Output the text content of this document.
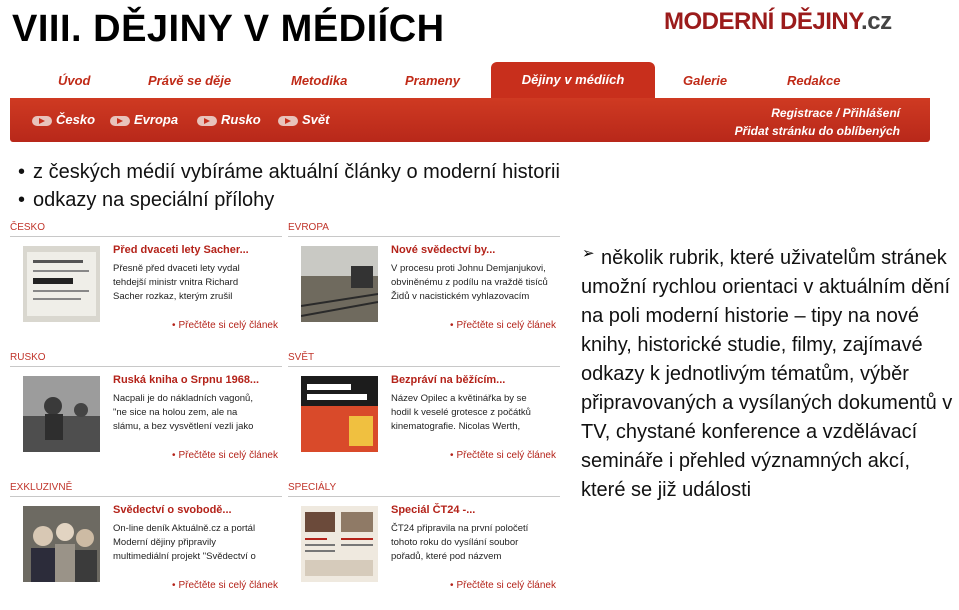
VIII. DĚJINY V MÉDIÍCH	MODERNÍ DĚJINY.cz
Úvod	Právě se děje	Metodika	Prameny	Dějiny v médiích	Galerie	Redakce
Česko	Evropa	Rusko	Svět	Registrace / Přihlášení
Přidat stránku do oblíbených
• z českých médií vybíráme aktuální články o moderní historii
• odkazy na speciální přílohy
ČESKO
Před dvaceti lety Sacher...
Přesně před dvaceti lety vydal
tehdejší ministr vnitra Richard
Sacher rozkaz, kterým zrušil
• Přečtěte si celý článek
EVROPA
Nové svědectví by...
V procesu proti Johnu Demjanjukovi,
obviněnému z podílu na vraždě tisíců
Židů v nacistickém vyhlazovacím
• Přečtěte si celý článek
RUSKO
Ruská kniha o Srpnu 1968...
Nacpali je do nákladních vagonů,
"ne sice na holou zem, ale na
slámu, a bez vysvětlení vezli jako
• Přečtěte si celý článek
SVĚT
Bezpráví na běžícím...
Název Opilec a květinářka by se
hodil k veselé grotesce z počátků
kinematografie. Nicolas Werth,
• Přečtěte si celý článek
EXKLUZIVNĚ
Svědectví o svobodě...
On-line deník Aktuálně.cz a portál
Moderní dějiny připravily
multimediální projekt "Svědectví o
• Přečtěte si celý článek
SPECIÁLY
Speciál ČT24 -...
ČT24 připravila na první poločetí
tohoto roku do vysílání soubor
pořadů, které pod názvem
• Přečtěte si celý článek
➢ několik rubrik, které uživatelům stránek umožní rychlou orientaci v aktuálním dění na poli moderní historie – tipy na nové knihy, historické studie, filmy, zajímavé odkazy k jednotlivým tématům, výběr připravovaných a vysílaných dokumentů v TV, chystané konference a vzdělávací semináře i přehled významných akcí, které se již události
